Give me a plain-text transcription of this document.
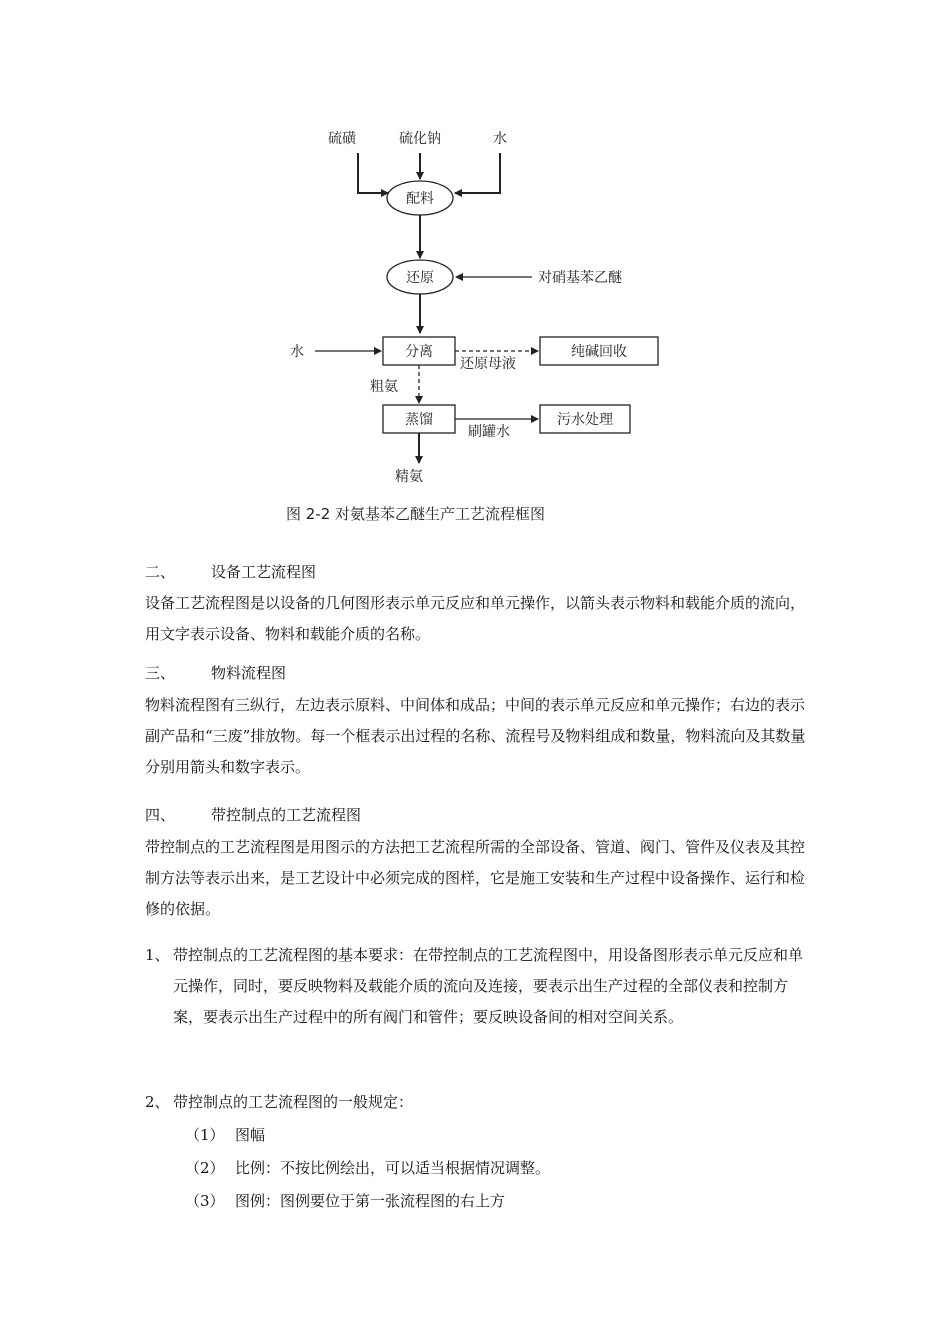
硫磺	硫化钠	水
配料
还原	对硝基苯乙醚
水	分离
还原母液
纯碱回收
粗氨
蒸馏
刷罐水
污水处理
精氨
图 2-2 对氨基苯乙醚生产工艺流程框图
二、 设备工艺流程图
设备工艺流程图是以设备的几何图形表示单元反应和单元操作，以箭头表示物料和载能介质的流向，用文字表示设备、物料和载能介质的名称。
三、 物料流程图
物料流程图有三纵行，左边表示原料、中间体和成品；中间的表示单元反应和单元操作；右边的表示副产品和“三废”排放物。每一个框表示出过程的名称、流程号及物料组成和数量，物料流向及其数量分别用箭头和数字表示。
四、 带控制点的工艺流程图
带控制点的工艺流程图是用图示的方法把工艺流程所需的全部设备、管道、阀门、管件及仪表及其控制方法等表示出来，是工艺设计中必须完成的图样，它是施工安装和生产过程中设备操作、运行和检修的依据。
1、 带控制点的工艺流程图的基本要求：在带控制点的工艺流程图中，用设备图形表示单元反应和单元操作，同时，要反映物料及载能介质的流向及连接，要表示出生产过程的全部仪表和控制方案，要表示出生产过程中的所有阀门和管件；要反映设备间的相对空间关系。
2、 带控制点的工艺流程图的一般规定：
（1） 图幅
（2） 比例：不按比例绘出，可以适当根据情况调整。
（3） 图例：图例要位于第一张流程图的右上方
